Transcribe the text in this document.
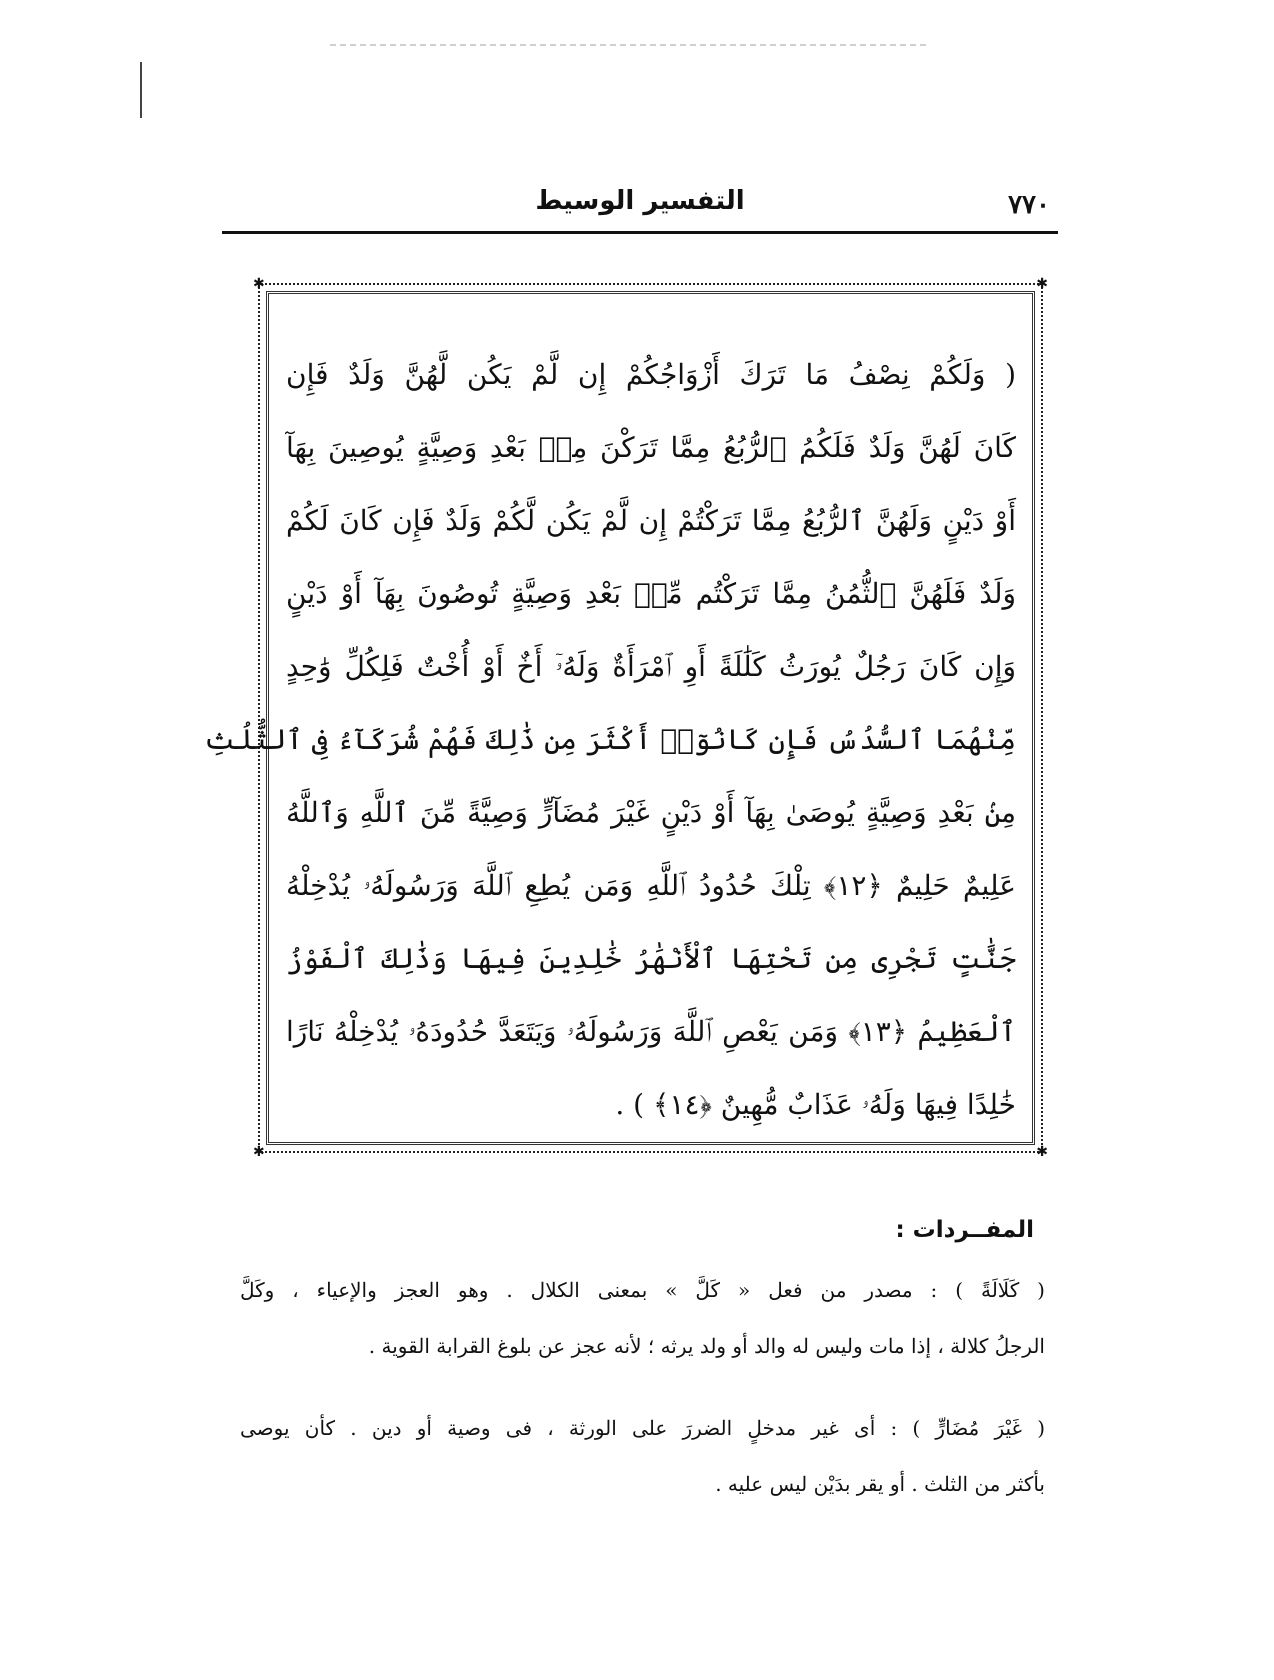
٧٧٠
التفسير الوسيط
✱	✱
✱	✱
( وَلَكُمْ نِصْفُ مَا تَرَكَ أَزْوَاجُكُمْ إِن لَّمْ يَكُن لَّهُنَّ وَلَدٌ فَإِن
كَانَ لَهُنَّ وَلَدٌ فَلَكُمُ ٱلرُّبُعُ مِمَّا تَرَكْنَ مِنۢ بَعْدِ وَصِيَّةٍ يُوصِينَ بِهَآ
أَوْ دَيْنٍ وَلَهُنَّ ٱلرُّبُعُ مِمَّا تَرَكْتُمْ إِن لَّمْ يَكُن لَّكُمْ وَلَدٌ فَإِن كَانَ لَكُمْ
وَلَدٌ فَلَهُنَّ ٱلثُّمُنُ مِمَّا تَرَكْتُم مِّنۢ بَعْدِ وَصِيَّةٍ تُوصُونَ بِهَآ أَوْ دَيْنٍ
وَإِن كَانَ رَجُلٌ يُورَثُ كَلَٰلَةً أَوِ ٱمْرَأَةٌ وَلَهُۥٓ أَخٌ أَوْ أُخْتٌ فَلِكُلِّ وَٰحِدٍ
مِّنْهُمَا ٱلسُّدُسُ فَإِن كَانُوٓا۟ أَكْثَرَ مِن ذَٰلِكَ فَهُمْ شُرَكَآءُ فِى ٱلثُّلُثِ
مِنۢ بَعْدِ وَصِيَّةٍ يُوصَىٰ بِهَآ أَوْ دَيْنٍ غَيْرَ مُضَآرٍّ وَصِيَّةً مِّنَ ٱللَّهِ وَٱللَّهُ
عَلِيمٌ حَلِيمٌ ﴿١٢﴾ تِلْكَ حُدُودُ ٱللَّهِ وَمَن يُطِعِ ٱللَّهَ وَرَسُولَهُۥ يُدْخِلْهُ
جَنَّٰتٍ تَجْرِى مِن تَحْتِهَا ٱلْأَنْهَٰرُ خَٰلِدِينَ فِيهَا وَذَٰلِكَ ٱلْفَوْزُ
ٱلْعَظِيمُ ﴿١٣﴾ وَمَن يَعْصِ ٱللَّهَ وَرَسُولَهُۥ وَيَتَعَدَّ حُدُودَهُۥ يُدْخِلْهُ نَارًا
خَٰلِدًا فِيهَا وَلَهُۥ عَذَابٌ مُّهِينٌ ﴿١٤﴾ ) .
المفــردات :
( كَلَالَةً ) : مصدر من فعل « كَلَّ » بمعنى الكلال . وهو العجز والإعياء ، وكَلَّ
الرجلُ كلالة ، إذا مات وليس له والد أو ولد يرثه ؛ لأنه عجز عن بلوغ القرابة القوية .
( غَيْرَ مُضَارٍّ ) : أى غير مدخلٍ الضررَ على الورثة ، فى وصية أو دين . كأن يوصى
بأكثر من الثلث . أو يقر بدَيْن ليس عليه .
